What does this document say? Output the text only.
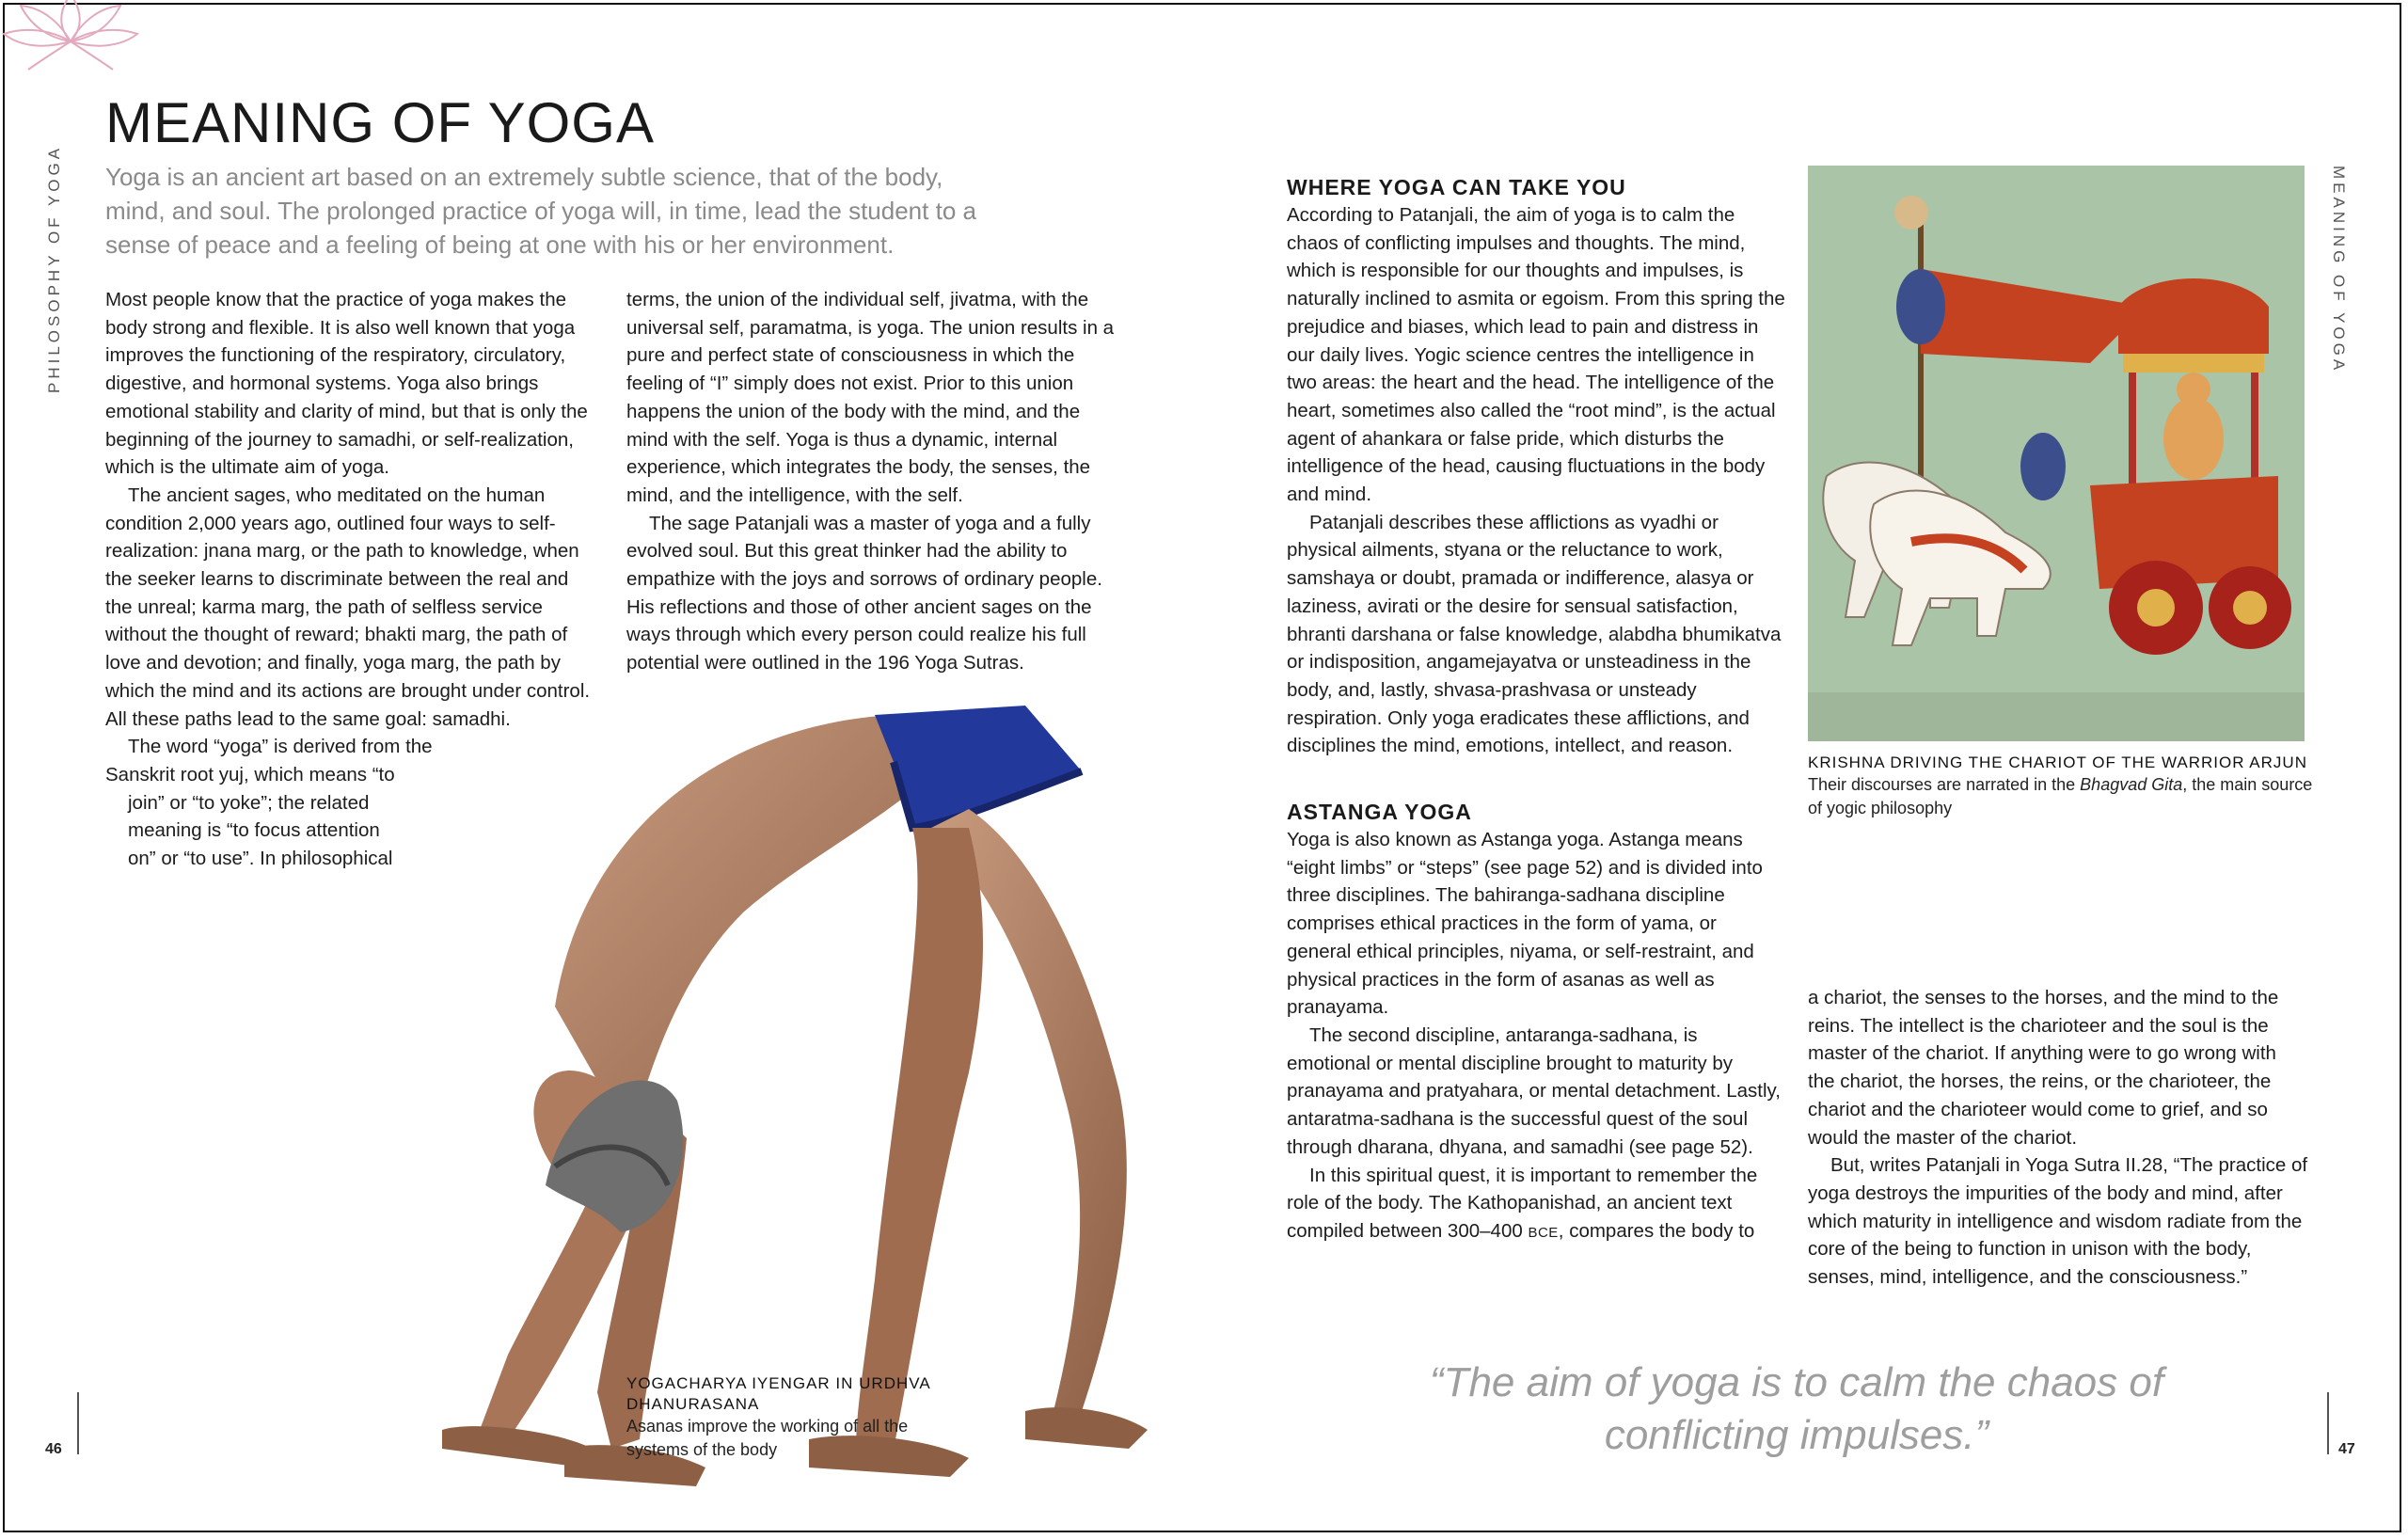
PHILOSOPHY OF YOGA	MEANING OF YOGA
MEANING OF YOGA

Yoga is an ancient art based on an extremely subtle science, that of the body, mind, and soul. The prolonged practice of yoga will, in time, lead the student to a sense of peace and a feeling of being at one with his or her environment.

Most people know that the practice of yoga makes the body strong and flexible. It is also well known that yoga improves the functioning of the respiratory, circulatory, digestive, and hormonal systems. Yoga also brings emotional stability and clarity of mind, but that is only the beginning of the journey to samadhi, or self-realization, which is the ultimate aim of yoga.

The ancient sages, who meditated on the human condition 2,000 years ago, outlined four ways to self-realization: jnana marg, or the path to knowledge, when the seeker learns to discriminate between the real and the unreal; karma marg, the path of selfless service without the thought of reward; bhakti marg, the path of love and devotion; and finally, yoga marg, the path by which the mind and its actions are brought under control. All these paths lead to the same goal: samadhi.

The word “yoga” is derived from the
Sanskrit root yuj, which means “to
join” or “to yoke”; the related
meaning is “to focus attention
on” or “to use”. In philosophical

terms, the union of the individual self, jivatma, with the universal self, paramatma, is yoga. The union results in a pure and perfect state of consciousness in which the feeling of “I” simply does not exist. Prior to this union happens the union of the body with the mind, and the mind with the self. Yoga is thus a dynamic, internal experience, which integrates the body, the senses, the mind, and the intelligence, with the self.

The sage Patanjali was a master of yoga and a fully evolved soul. But this great thinker had the ability to empathize with the joys and sorrows of ordinary people. His reflections and those of other ancient sages on the ways through which every person could realize his full potential were outlined in the 196 Yoga Sutras.

YOGACHARYA IYENGAR IN URDHVA DHANURASANA

Asanas improve the working of all the systems of the body

WHERE YOGA CAN TAKE YOU

According to Patanjali, the aim of yoga is to calm the chaos of conflicting impulses and thoughts. The mind, which is responsible for our thoughts and impulses, is naturally inclined to asmita or egoism. From this spring the prejudice and biases, which lead to pain and distress in our daily lives. Yogic science centres the intelligence in two areas: the heart and the head. The intelligence of the heart, sometimes also called the “root mind”, is the actual agent of ahankara or false pride, which disturbs the intelligence of the head, causing fluctuations in the body and mind.

Patanjali describes these afflictions as vyadhi or physical ailments, styana or the reluctance to work, samshaya or doubt, pramada or indifference, alasya or laziness, avirati or the desire for sensual satisfaction, bhranti darshana or false knowledge, alabdha bhumikatva or indisposition, angamejayatva or unsteadiness in the body, and, lastly, shvasa-prashvasa or unsteady respiration. Only yoga eradicates these afflictions, and disciplines the mind, emotions, intellect, and reason.

ASTANGA YOGA

Yoga is also known as Astanga yoga. Astanga means “eight limbs” or “steps” (see page 52) and is divided into three disciplines. The bahiranga-sadhana discipline comprises ethical practices in the form of yama, or general ethical principles, niyama, or self-restraint, and physical practices in the form of asanas as well as pranayama.

The second discipline, antaranga-sadhana, is emotional or mental discipline brought to maturity by pranayama and pratyahara, or mental detachment. Lastly, antaratma-sadhana is the successful quest of the soul through dharana, dhyana, and samadhi (see page 52).

In this spiritual quest, it is important to remember the role of the body. The Kathopanishad, an ancient text compiled between 300–400 BCE, compares the body to

KRISHNA DRIVING THE CHARIOT OF THE WARRIOR ARJUN

Their discourses are narrated in the Bhagvad Gita, the main source of yogic philosophy

a chariot, the senses to the horses, and the mind to the reins. The intellect is the charioteer and the soul is the master of the chariot. If anything were to go wrong with the chariot, the horses, the reins, or the charioteer, the chariot and the charioteer would come to grief, and so would the master of the chariot.

But, writes Patanjali in Yoga Sutra II.28, “The practice of yoga destroys the impurities of the body and mind, after which maturity in intelligence and wisdom radiate from the core of the being to function in unison with the body, senses, mind, intelligence, and the consciousness.”

“The aim of yoga is to calm the chaos of conflicting impulses.”

46	47
